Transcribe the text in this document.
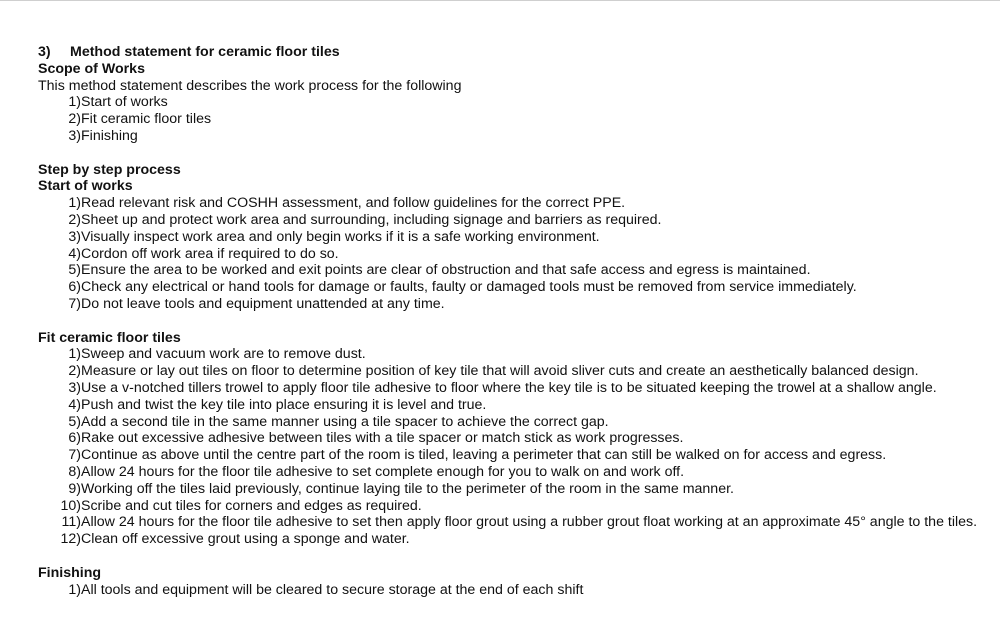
3) Method statement for ceramic floor tiles
Scope of Works
This method statement describes the work process for the following
1) Start of works
2) Fit ceramic floor tiles
3) Finishing
Step by step process
Start of works
1) Read relevant risk and COSHH assessment, and follow guidelines for the correct PPE.
2) Sheet up and protect work area and surrounding, including signage and barriers as required.
3) Visually inspect work area and only begin works if it is a safe working environment.
4) Cordon off work area if required to do so.
5) Ensure the area to be worked and exit points are clear of obstruction and that safe access and egress is maintained.
6) Check any electrical or hand tools for damage or faults, faulty or damaged tools must be removed from service immediately.
7) Do not leave tools and equipment unattended at any time.
Fit ceramic floor tiles
1) Sweep and vacuum work are to remove dust.
2) Measure or lay out tiles on floor to determine position of key tile that will avoid sliver cuts and create an aesthetically balanced design.
3) Use a v-notched tillers trowel to apply floor tile adhesive to floor where the key tile is to be situated keeping the trowel at a shallow angle.
4) Push and twist the key tile into place ensuring it is level and true.
5) Add a second tile in the same manner using a tile spacer to achieve the correct gap.
6) Rake out excessive adhesive between tiles with a tile spacer or match stick as work progresses.
7) Continue as above until the centre part of the room is tiled, leaving a perimeter that can still be walked on for access and egress.
8) Allow 24 hours for the floor tile adhesive to set complete enough for you to walk on and work off.
9) Working off the tiles laid previously, continue laying tile to the perimeter of the room in the same manner.
10) Scribe and cut tiles for corners and edges as required.
11) Allow 24 hours for the floor tile adhesive to set then apply floor grout using a rubber grout float working at an approximate 45° angle to the tiles.
12) Clean off excessive grout using a sponge and water.
Finishing
1) All tools and equipment will be cleared to secure storage at the end of each shift
